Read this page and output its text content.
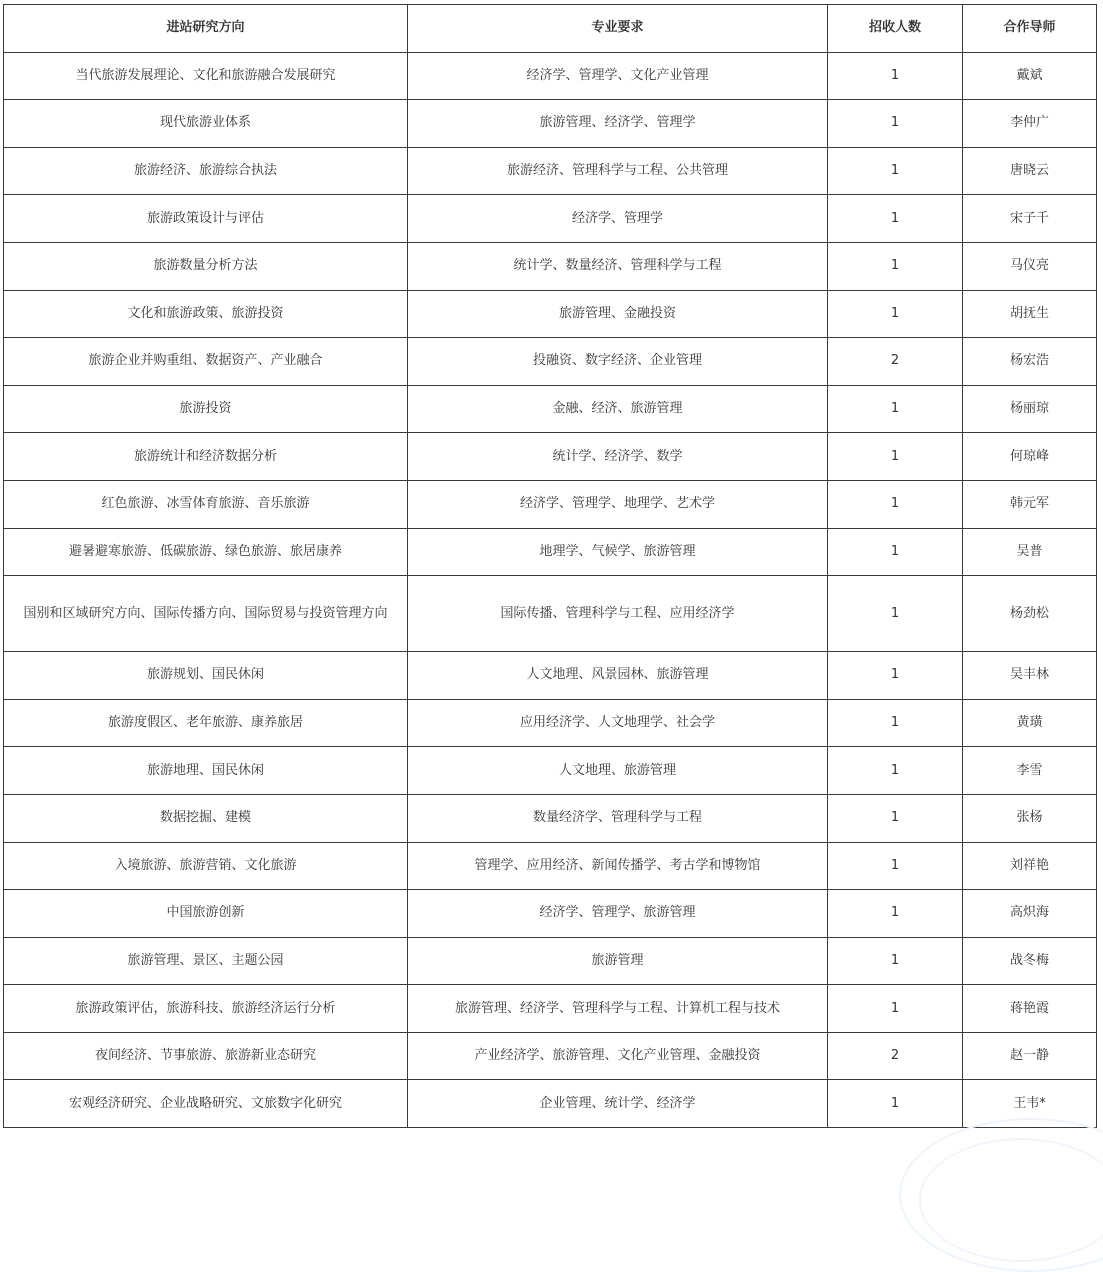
进站研究方向	专业要求	招收人数	合作导师
当代旅游发展理论、文化和旅游融合发展研究	经济学、管理学、文化产业管理	1	戴斌
现代旅游业体系	旅游管理、经济学、管理学	1	李仲广
旅游经济、旅游综合执法	旅游经济、管理科学与工程、公共管理	1	唐晓云
旅游政策设计与评估	经济学、管理学	1	宋子千
旅游数量分析方法	统计学、数量经济、管理科学与工程	1	马仪亮
文化和旅游政策、旅游投资	旅游管理、金融投资	1	胡抚生
旅游企业并购重组、数据资产、产业融合	投融资、数字经济、企业管理	2	杨宏浩
旅游投资	金融、经济、旅游管理	1	杨丽琼
旅游统计和经济数据分析	统计学、经济学、数学	1	何琼峰
红色旅游、冰雪体育旅游、音乐旅游	经济学、管理学、地理学、艺术学	1	韩元军
避暑避寒旅游、低碳旅游、绿色旅游、旅居康养	地理学、气候学、旅游管理	1	吴普
国别和区域研究方向、国际传播方向、国际贸易与投资管理方向	国际传播、管理科学与工程、应用经济学	1	杨劲松
旅游规划、国民休闲	人文地理、风景园林、旅游管理	1	吴丰林
旅游度假区、老年旅游、康养旅居	应用经济学、人文地理学、社会学	1	黄璜
旅游地理、国民休闲	人文地理、旅游管理	1	李雪
数据挖掘、建模	数量经济学、管理科学与工程	1	张杨
入境旅游、旅游营销、文化旅游	管理学、应用经济、新闻传播学、考古学和博物馆	1	刘祥艳
中国旅游创新	经济学、管理学、旅游管理	1	高炽海
旅游管理、景区、主题公园	旅游管理	1	战冬梅
旅游政策评估，旅游科技、旅游经济运行分析	旅游管理、经济学、管理科学与工程、计算机工程与技术	1	蒋艳霞
夜间经济、节事旅游、旅游新业态研究	产业经济学、旅游管理、文化产业管理、金融投资	2	赵一静
宏观经济研究、企业战略研究、文旅数字化研究	企业管理、统计学、经济学	1	王韦*
